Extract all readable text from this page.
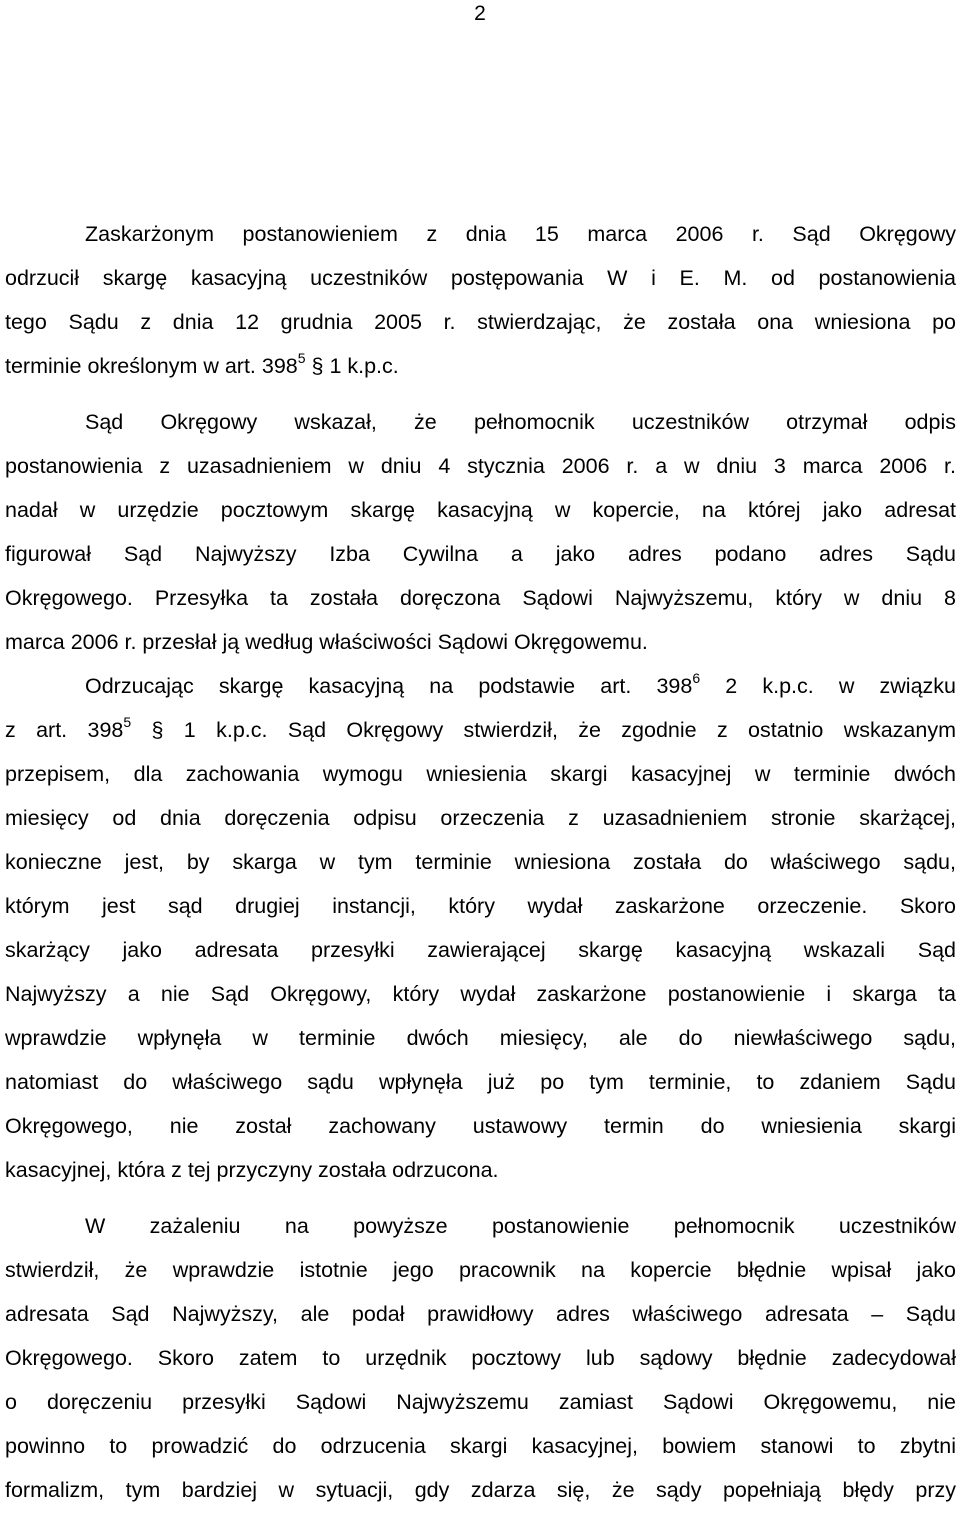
2
Zaskarżonym postanowieniem z dnia 15 marca 2006 r. Sąd Okręgowy
odrzucił skargę kasacyjną uczestników postępowania W i E. M. od postanowienia
tego Sądu z dnia 12 grudnia 2005 r. stwierdzając, że została ona wniesiona po
terminie określonym w art. $398^5$ § 1 k.p.c.
Sąd Okręgowy wskazał, że pełnomocnik uczestników otrzymał odpis
postanowienia z uzasadnieniem w dniu 4 stycznia 2006 r. a w dniu 3 marca 2006 r.
nadał w urzędzie pocztowym skargę kasacyjną w kopercie, na której jako adresat
figurował Sąd Najwyższy Izba Cywilna a jako adres podano adres Sądu
Okręgowego. Przesyłka ta została doręczona Sądowi Najwyższemu, który w dniu 8
marca 2006 r. przesłał ją według właściwości Sądowi Okręgowemu.
Odrzucając skargę kasacyjną na podstawie art. $398^6$ 2 k.p.c. w związku
z art. $398^5$ § 1 k.p.c. Sąd Okręgowy stwierdził, że zgodnie z ostatnio wskazanym
przepisem, dla zachowania wymogu wniesienia skargi kasacyjnej w terminie dwóch
miesięcy od dnia doręczenia odpisu orzeczenia z uzasadnieniem stronie skarżącej,
konieczne jest, by skarga w tym terminie wniesiona została do właściwego sądu,
którym jest sąd drugiej instancji, który wydał zaskarżone orzeczenie. Skoro
skarżący jako adresata przesyłki zawierającej skargę kasacyjną wskazali Sąd
Najwyższy a nie Sąd Okręgowy, który wydał zaskarżone postanowienie i skarga ta
wprawdzie wpłynęła w terminie dwóch miesięcy, ale do niewłaściwego sądu,
natomiast do właściwego sądu wpłynęła już po tym terminie, to zdaniem Sądu
Okręgowego, nie został zachowany ustawowy termin do wniesienia skargi
kasacyjnej, która z tej przyczyny została odrzucona.
W zażaleniu na powyższe postanowienie pełnomocnik uczestników
stwierdził, że wprawdzie istotnie jego pracownik na kopercie błędnie wpisał jako
adresata Sąd Najwyższy, ale podał prawidłowy adres właściwego adresata – Sądu
Okręgowego. Skoro zatem to urzędnik pocztowy lub sądowy błędnie zadecydował
o doręczeniu przesyłki Sądowi Najwyższemu zamiast Sądowi Okręgowemu, nie
powinno to prowadzić do odrzucenia skargi kasacyjnej, bowiem stanowi to zbytni
formalizm, tym bardziej w sytuacji, gdy zdarza się, że sądy popełniają błędy przy
